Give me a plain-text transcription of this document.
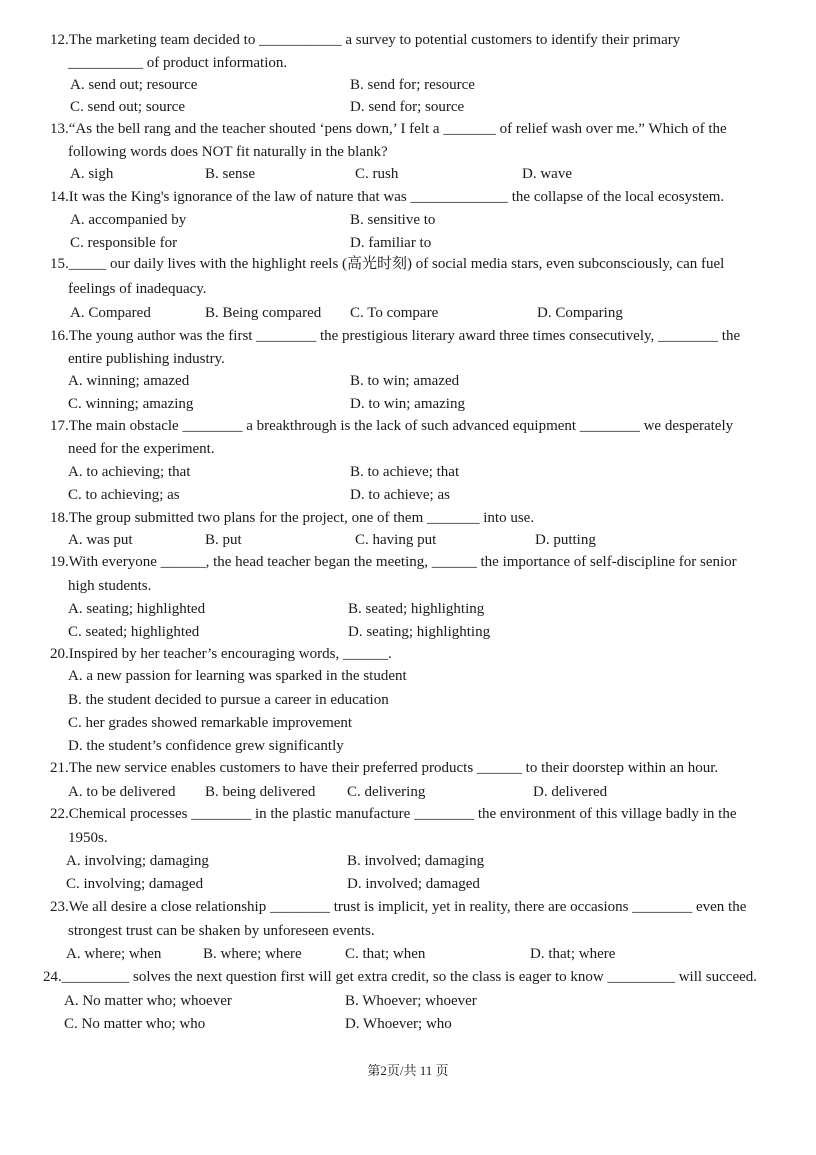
12. The marketing team decided to ___________ a survey to potential customers to identify their primary
__________ of product information.
A. send out; resource	B. send for; resource
C. send out; source	D. send for; source
13.“As the bell rang and the teacher shouted ‘pens down,’ I felt a _______ of relief wash over me.” Which of the
following words does NOT fit naturally in the blank?
A. sigh	B. sense	C. rush	D. wave
14.It was the King's ignorance of the law of nature that was _____________ the collapse of the local ecosystem.
A. accompanied by	B. sensitive to
C. responsible for	D. familiar to
15._____ our daily lives with the highlight reels (高光时刻) of social media stars, even subconsciously, can fuel
feelings of inadequacy.
A. Compared	B. Being compared C. To compare	D. Comparing
16.The young author was the first ________ the prestigious literary award three times consecutively, ________ the
entire publishing industry.
A. winning; amazed	B. to win; amazed
C. winning; amazing	D. to win; amazing
17.The main obstacle ________ a breakthrough is the lack of such advanced equipment ________ we desperately
need for the experiment.
A. to achieving; that	B. to achieve; that
C. to achieving; as	D. to achieve; as
18.The group submitted two plans for the project, one of them _______ into use.
A. was put	B. put	C. having put	D. putting
19.With everyone ______, the head teacher began the meeting, ______ the importance of self-discipline for senior
high students.
A. seating; highlighted	B. seated; highlighting
C. seated; highlighted	D. seating; highlighting
20.Inspired by her teacher’s encouraging words, ______.
A. a new passion for learning was sparked in the student
B. the student decided to pursue a career in education
C. her grades showed remarkable improvement
D. the student’s confidence grew significantly
21.The new service enables customers to have their preferred products ______ to their doorstep within an hour.
A. to be delivered B. being delivered C. delivering	D. delivered
22.Chemical processes ________ in the plastic manufacture ________ the environment of this village badly in the
1950s.
A. involving; damaging	B. involved; damaging
C. involving; damaged	D. involved; damaged
23.We all desire a close relationship ________ trust is implicit, yet in reality, there are occasions ________ even the
strongest trust can be shaken by unforeseen events.
A. where; when	B. where; where	C. that; when	D. that; where
24._________ solves the next question first will get extra credit, so the class is eager to know _________ will succeed.
A. No matter who; whoever	B. Whoever; whoever
C. No matter who; who	D. Whoever; who
第2页/共 11 页
